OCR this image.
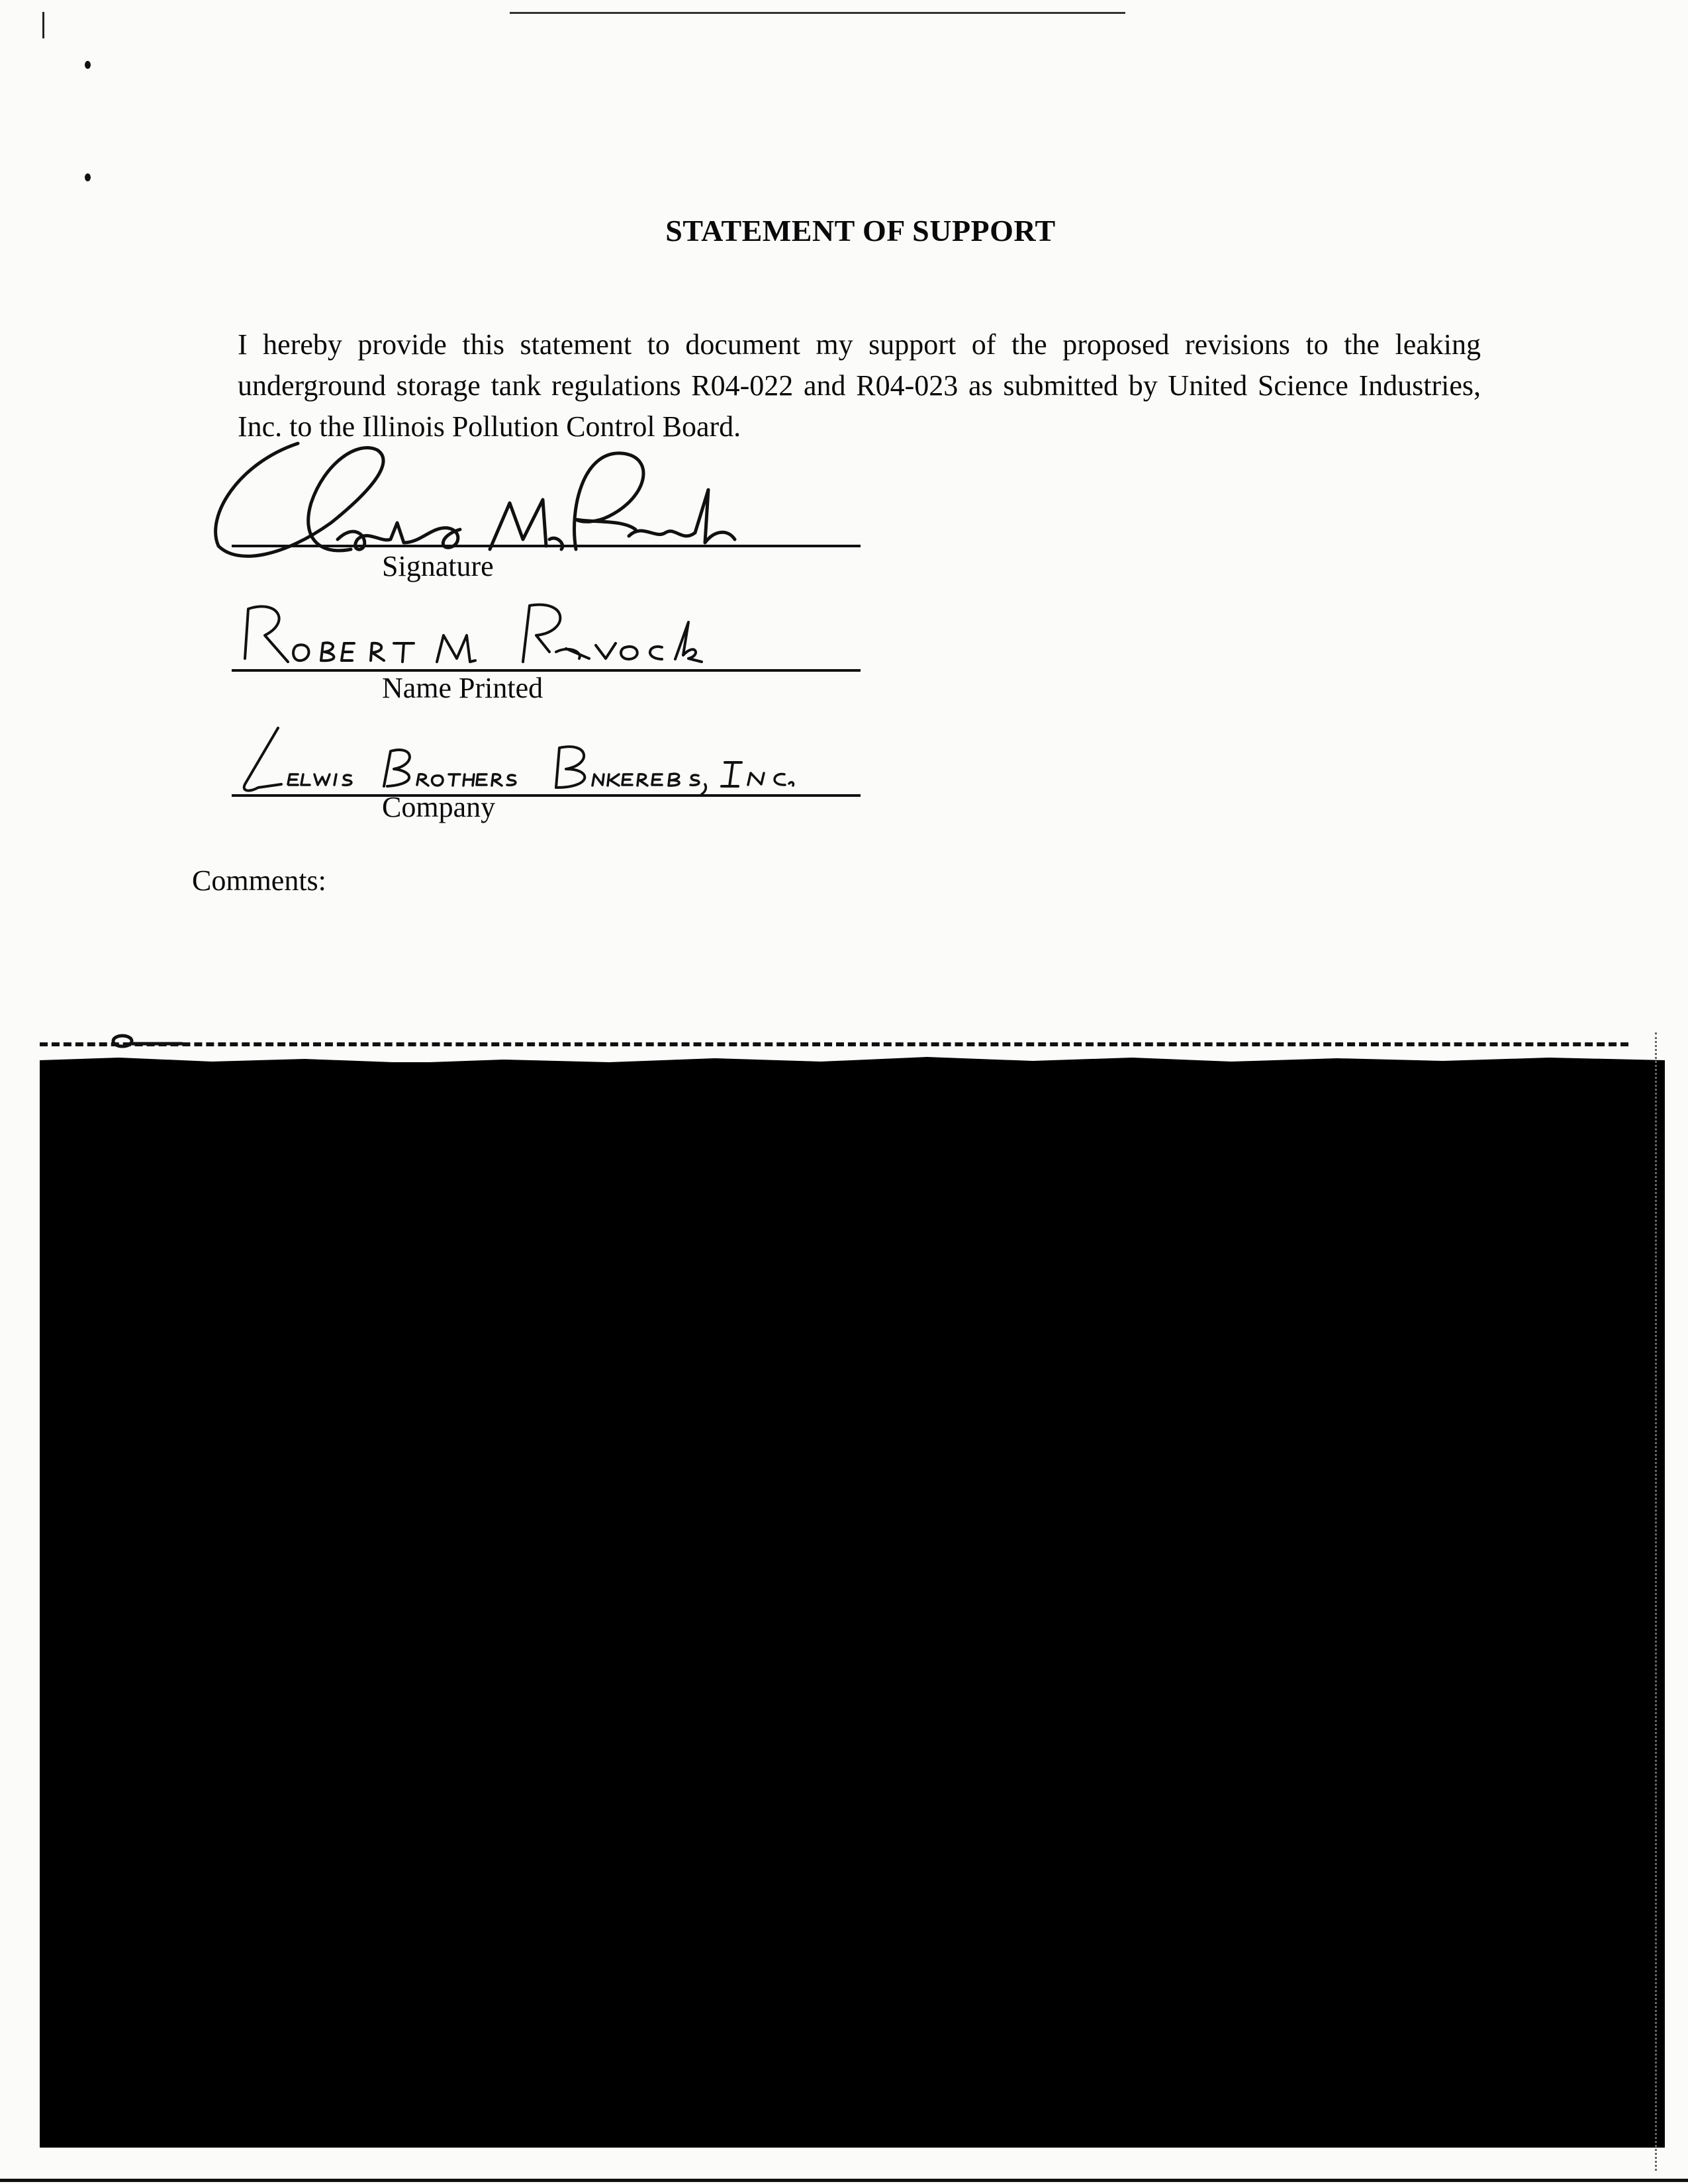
STATEMENT OF SUPPORT
I hereby provide this statement to document my support of the proposed revisions to the leaking underground storage tank regulations R04-022 and R04-023 as submitted by United Science Industries, Inc. to the Illinois Pollution Control Board.
Signature
Name Printed
Company
Comments:
